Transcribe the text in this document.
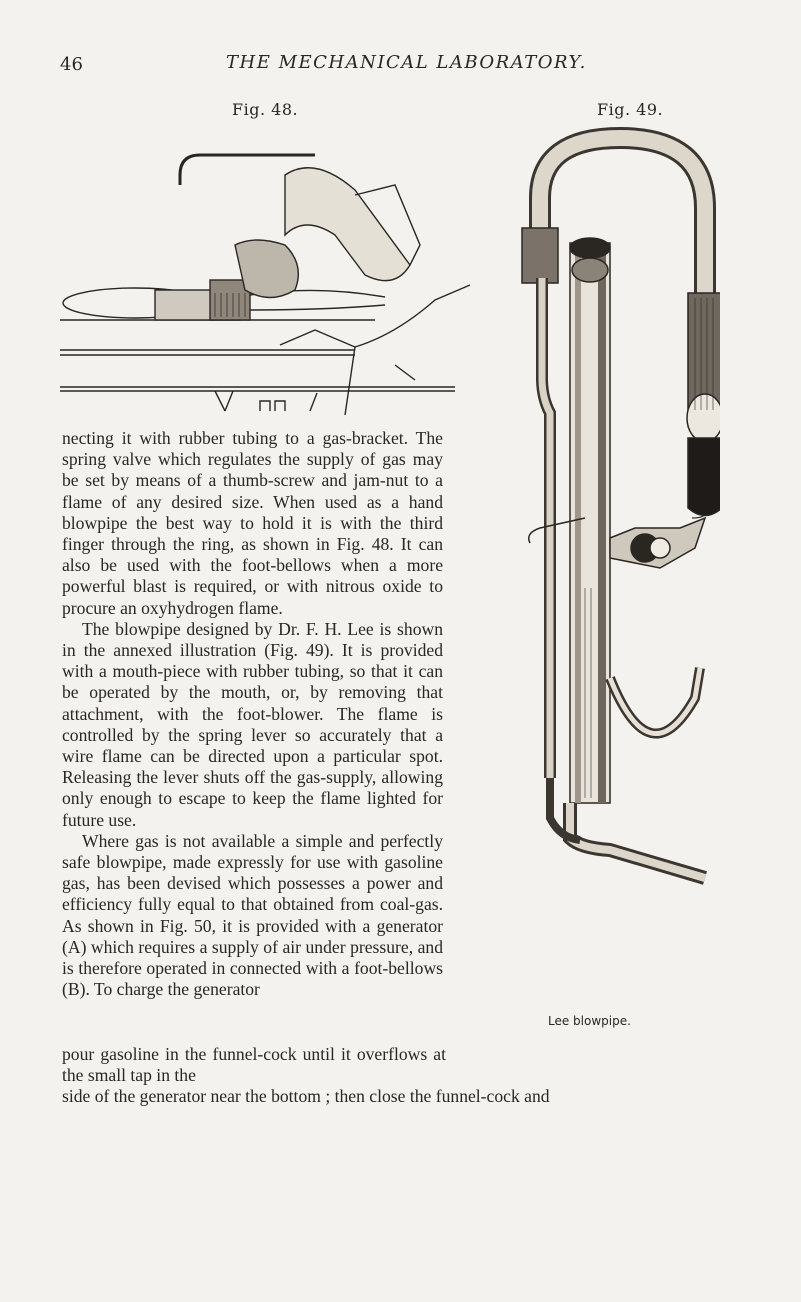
46	THE MECHANICAL LABORATORY.
Fig. 48.	Fig. 49.
Lee blowpipe.

necting it with rubber tubing to a gas-bracket. The spring valve which regulates the supply of gas may be set by means of a thumb-screw and jam-nut to a flame of any desired size. When used as a hand blowpipe the best way to hold it is with the third finger through the ring, as shown in Fig. 48. It can also be used with the foot-bellows when a more powerful blast is required, or with nitrous oxide to procure an oxyhydrogen flame.

The blowpipe designed by Dr. F. H. Lee is shown in the annexed illustration (Fig. 49). It is provided with a mouth-piece with rubber tubing, so that it can be operated by the mouth, or, by removing that attachment, with the foot-blower. The flame is controlled by the spring lever so accurately that a wire flame can be directed upon a particular spot. Releasing the lever shuts off the gas-supply, allowing only enough to escape to keep the flame lighted for future use.

Where gas is not available a simple and perfectly safe blowpipe, made expressly for use with gasoline gas, has been devised which possesses a power and efficiency fully equal to that obtained from coal-gas. As shown in Fig. 50, it is provided with a generator (A) which requires a supply of air under pressure, and is therefore operated in connected with a foot-bellows (B). To charge the generator

pour gasoline in the funnel-cock until it overflows at the small tap in the
side of the generator near the bottom ; then close the funnel-cock and
